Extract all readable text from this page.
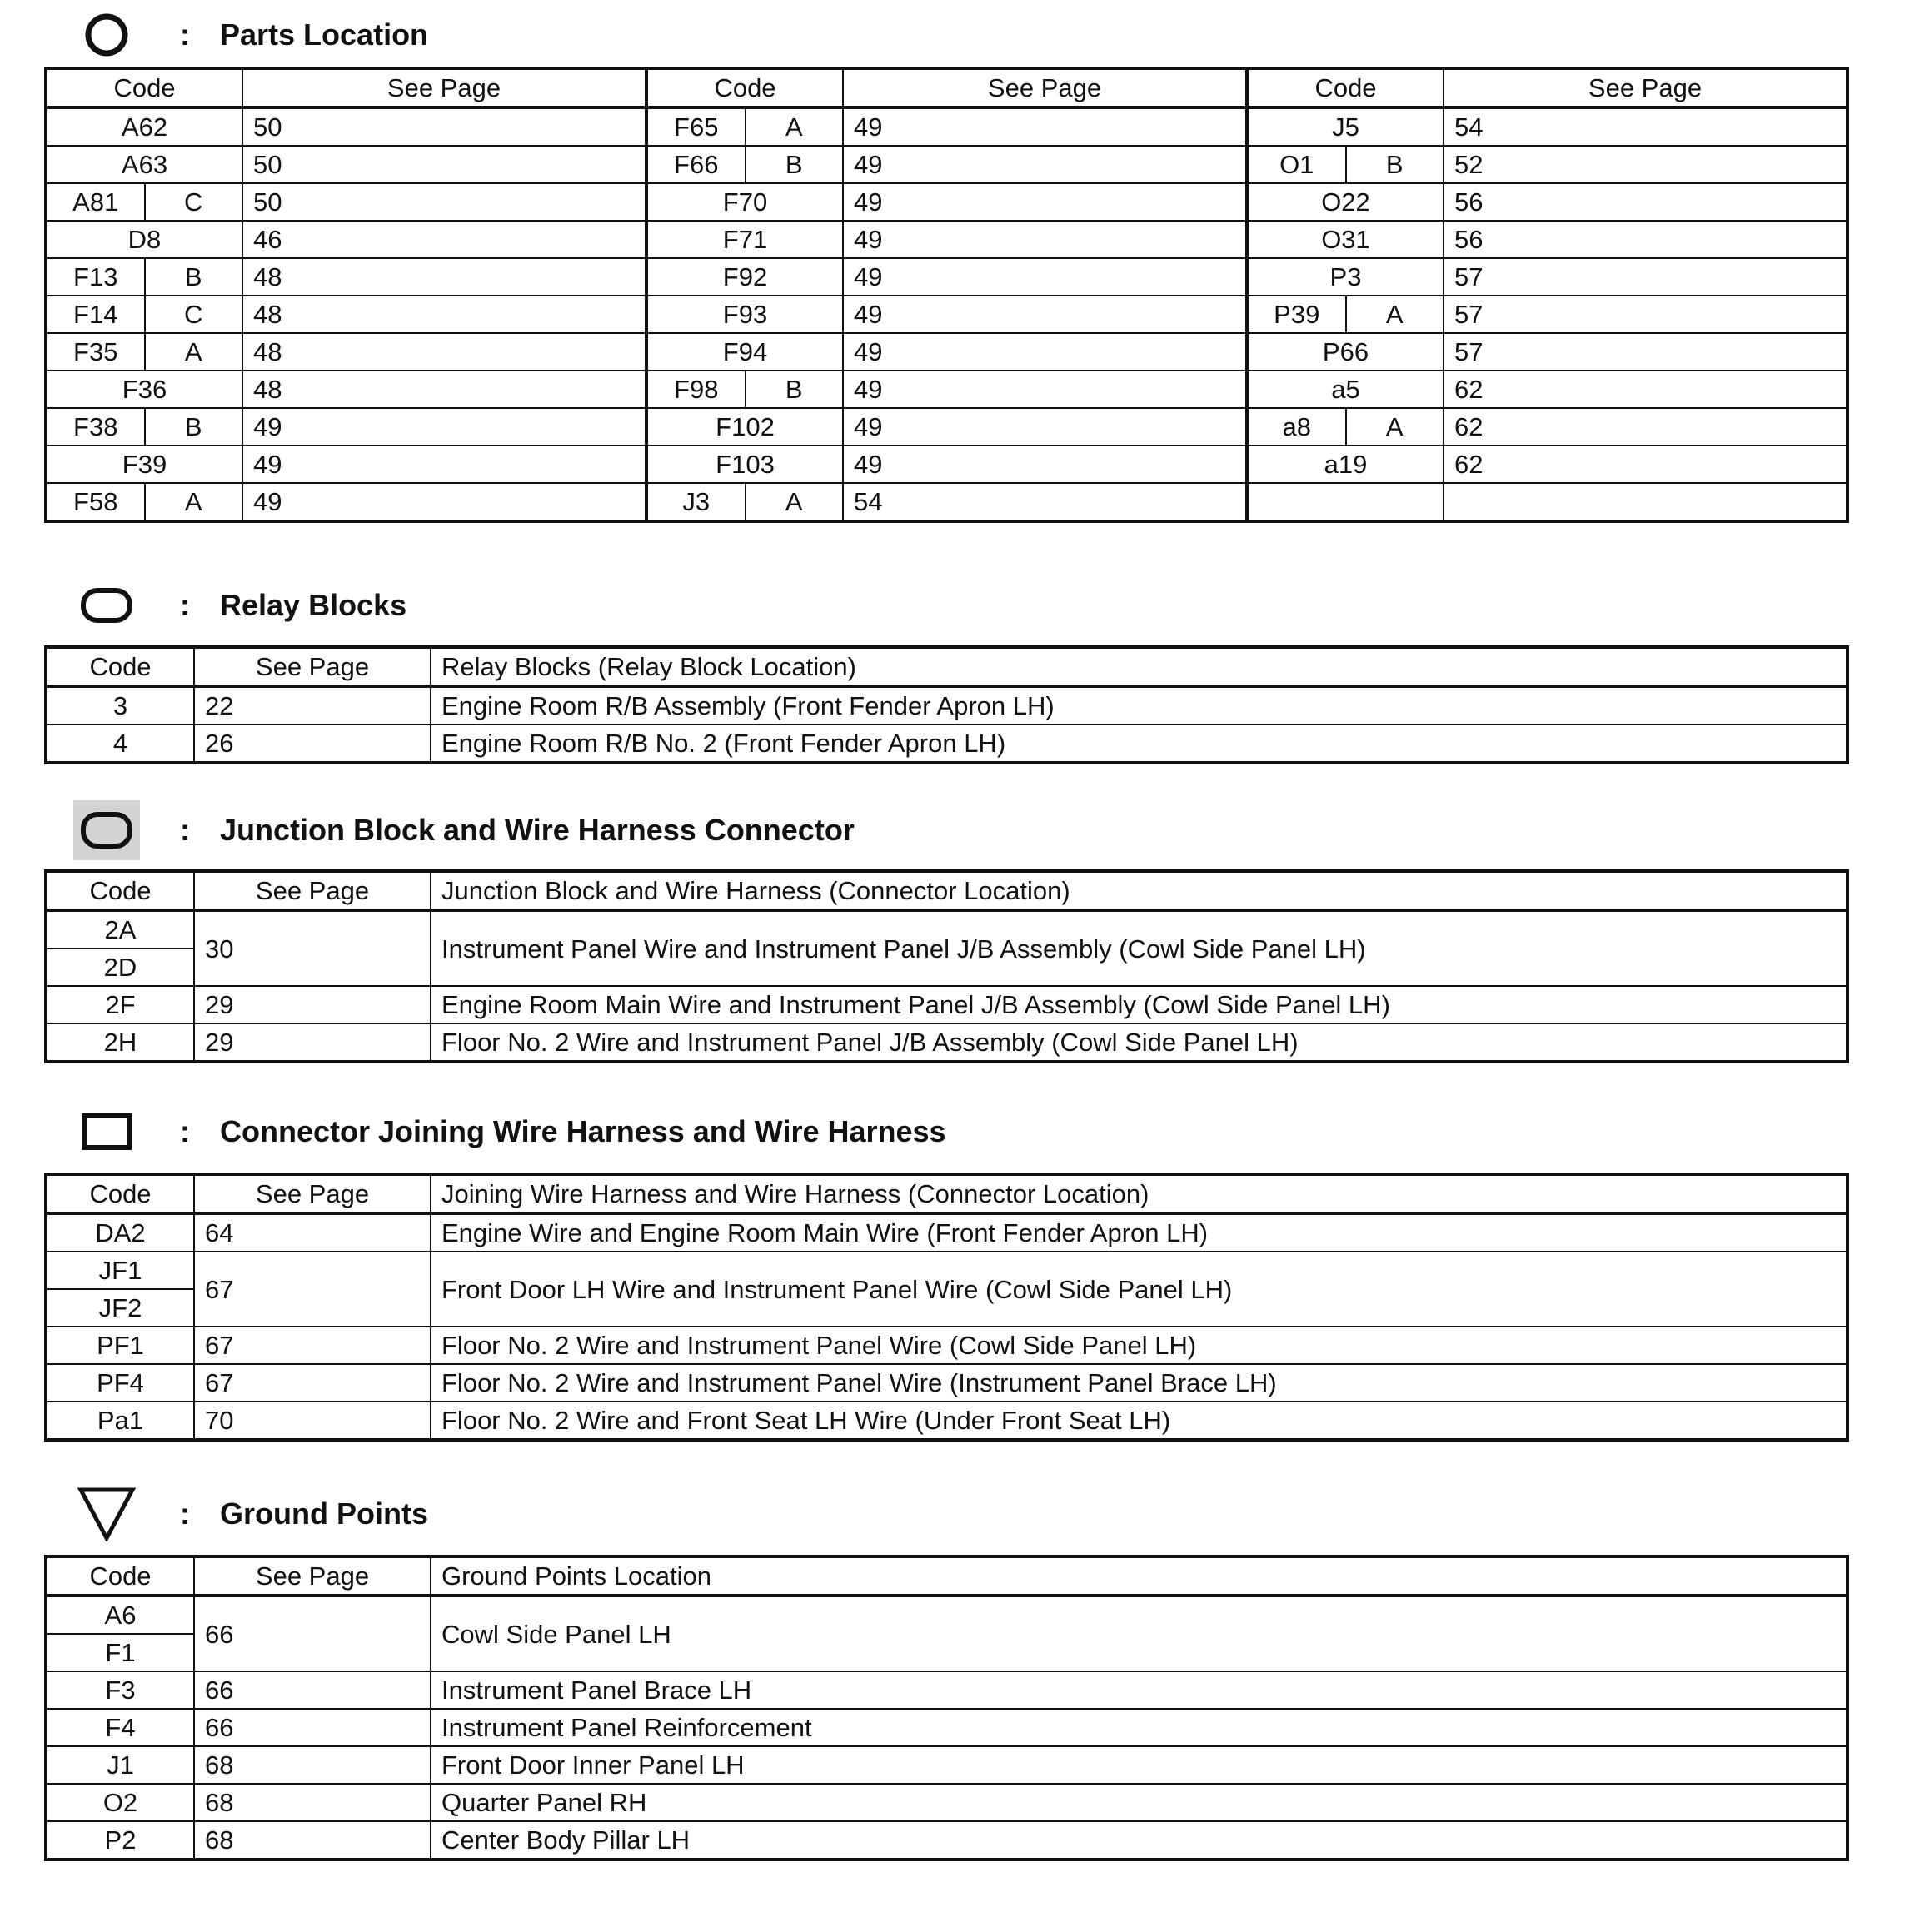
: Parts Location
Code	See Page	Code	See Page	Code	See Page
A62	50	F65 A	49	J5	54
A63	50	F66 B	49	O1 B	52

A81 C	50	F70	49	O22	56
D8	46	F71	49	O31	56

F13 B	48	F92	49	P3	57

F14 C	48	F93	49	P39 A	57

F35 A	48	F94	49	P66	57
F36	48	F98 B	49	a5	62

F38 B	49	F102	49	a8 A	62
F39	49	F103	49	a19	62

F58 A	49	J3 A	54		
: Relay Blocks
Code	See Page	Relay Blocks (Relay Block Location)
3	22	Engine Room R/B Assembly (Front Fender Apron LH)
4	26	Engine Room R/B No. 2 (Front Fender Apron LH)
: Junction Block and Wire Harness Connector
Code	See Page	Junction Block and Wire Harness (Connector Location)
2A	30	Instrument Panel Wire and Instrument Panel J/B Assembly (Cowl Side Panel LH)
2D		
2F	29	Engine Room Main Wire and Instrument Panel J/B Assembly (Cowl Side Panel LH)
2H	29	Floor No. 2 Wire and Instrument Panel J/B Assembly (Cowl Side Panel LH)
: Connector Joining Wire Harness and Wire Harness
Code	See Page	Joining Wire Harness and Wire Harness (Connector Location)
DA2	64	Engine Wire and Engine Room Main Wire (Front Fender Apron LH)
JF1	67	Front Door LH Wire and Instrument Panel Wire (Cowl Side Panel LH)
JF2		
PF1	67	Floor No. 2 Wire and Instrument Panel Wire (Cowl Side Panel LH)
PF4	67	Floor No. 2 Wire and Instrument Panel Wire (Instrument Panel Brace LH)
Pa1	70	Floor No. 2 Wire and Front Seat LH Wire (Under Front Seat LH)
: Ground Points
Code	See Page	Ground Points Location
A6	66	Cowl Side Panel LH
F1		
F3	66	Instrument Panel Brace LH
F4	66	Instrument Panel Reinforcement
J1	68	Front Door Inner Panel LH
O2	68	Quarter Panel RH
P2	68	Center Body Pillar LH
